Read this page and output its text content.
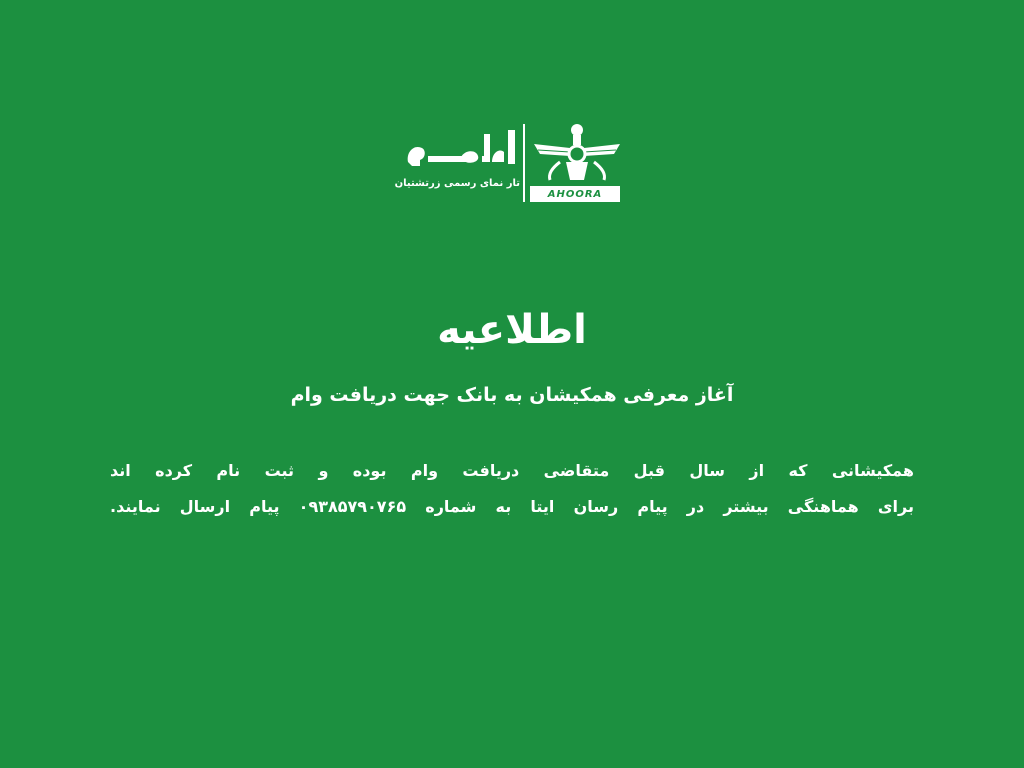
تار نمای رسمی زرتشتیان
AHOORA
اطلاعیه
آغاز معرفی همکیشان به بانک جهت دریافت وام

همکیشانی که از سال قبل متقاضی دریافت وام بوده و ثبت نام کرده اند
برای هماهنگی بیشتر در پیام رسان ایتا به شماره ۰۹۳۸۵۷۹۰۷۶۵ پیام ارسال نمایند.
